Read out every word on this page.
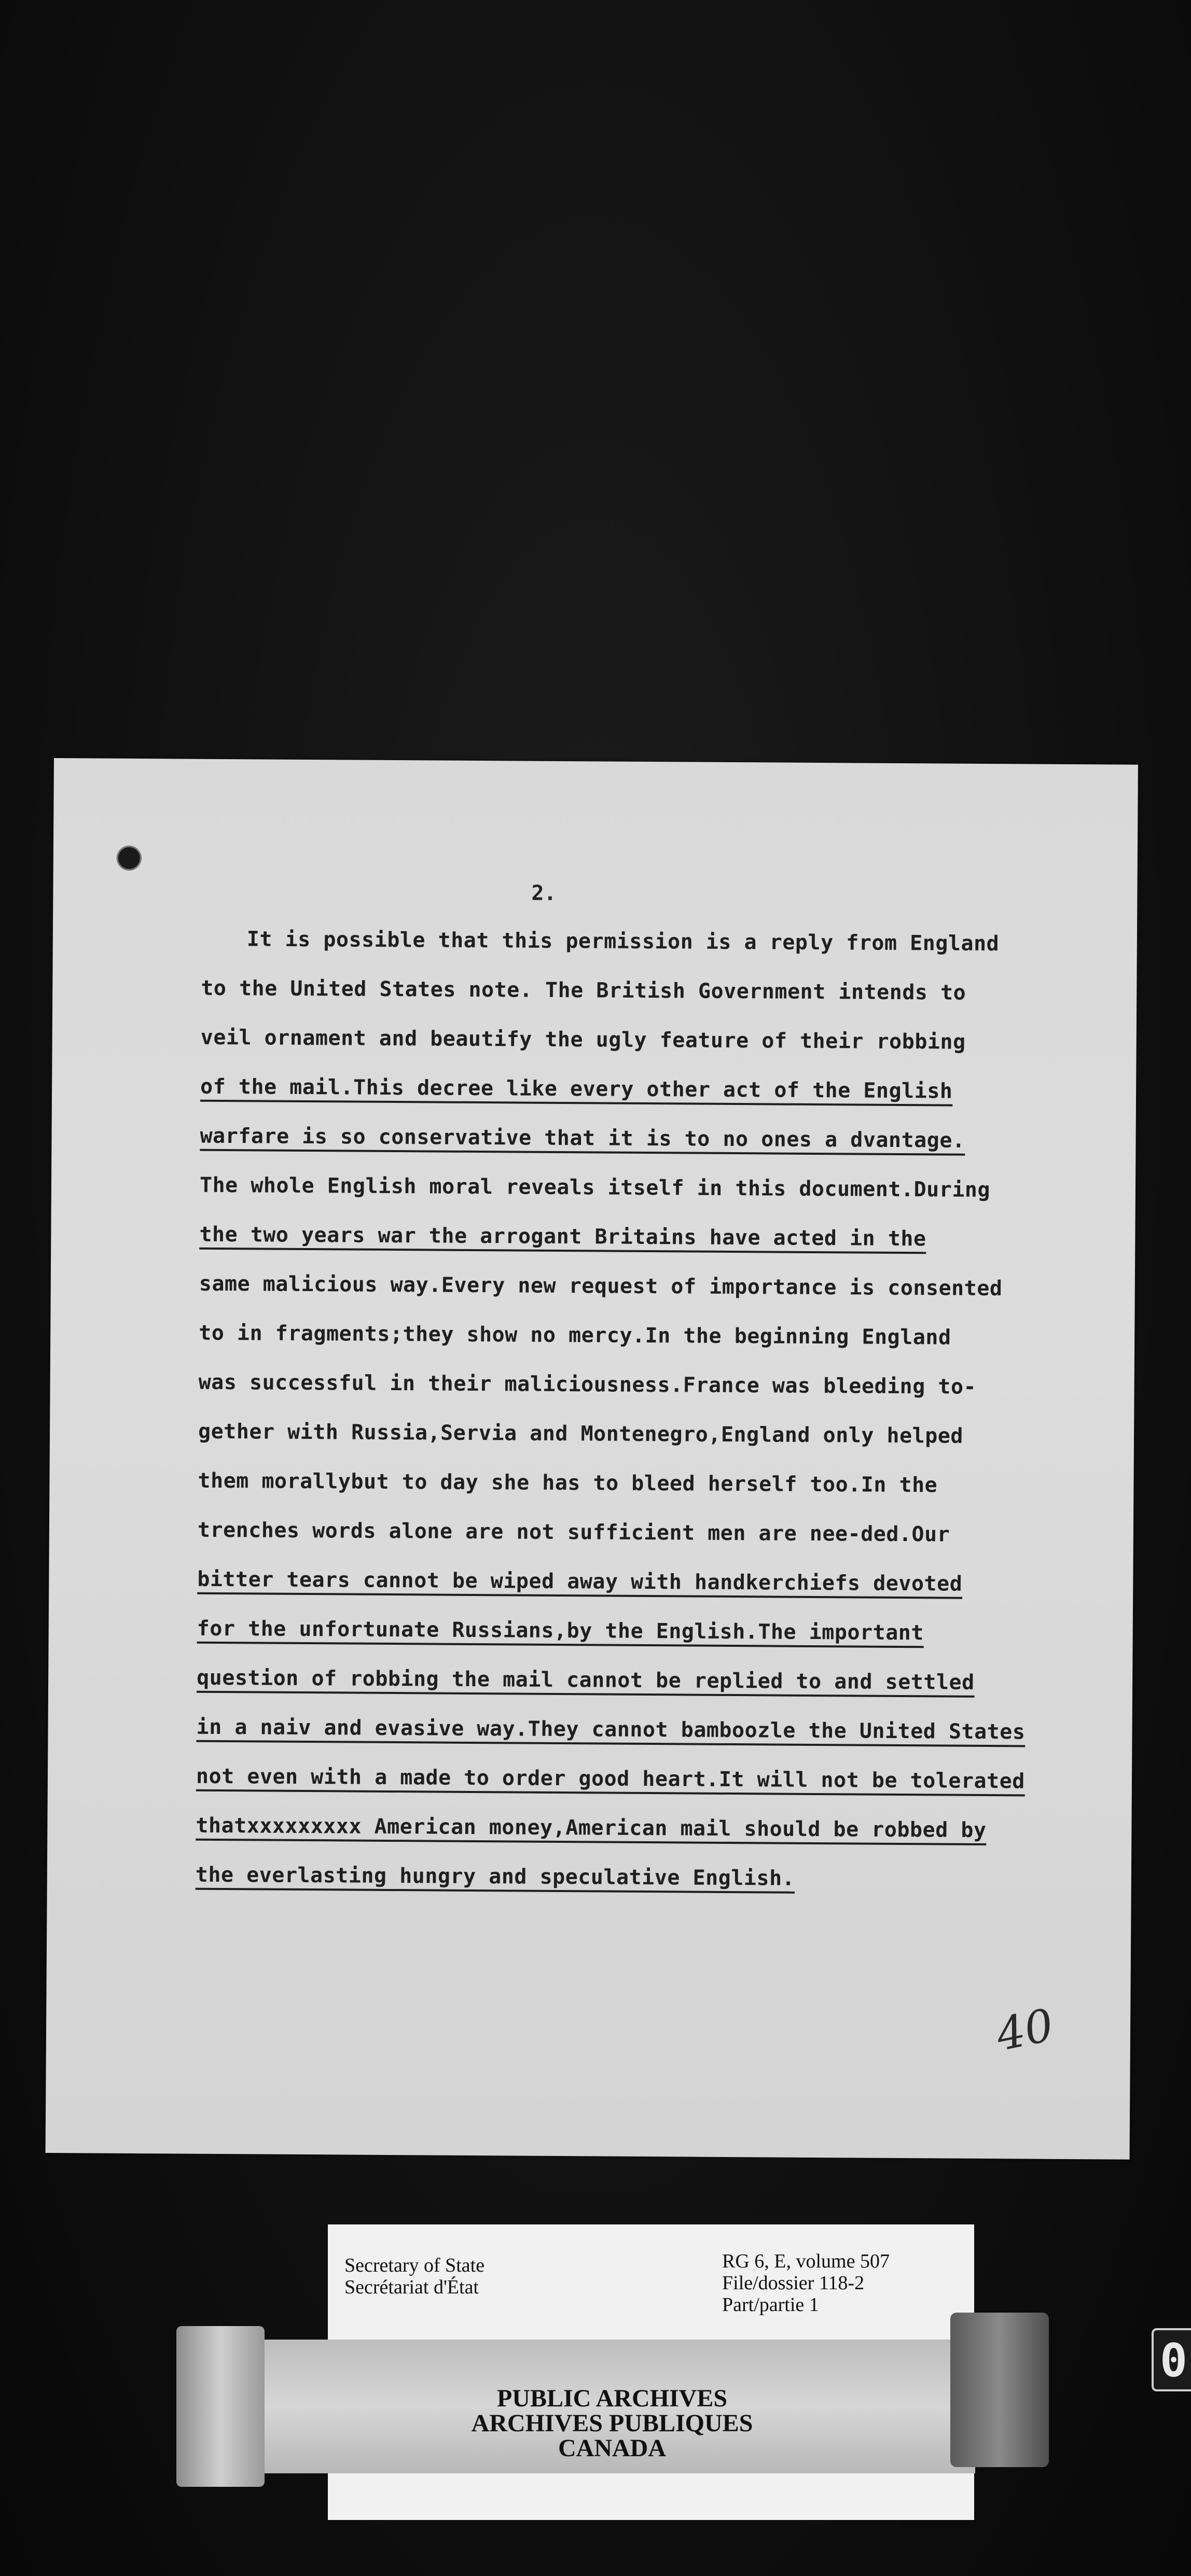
2.
It is possible that this permission is a reply from England
to the United States note. The British Government intends to
veil ornament and beautify the ugly feature of their robbing
of the mail.This decree like every other act of the English
warfare is so conservative that it is to no ones a dvantage.
The whole English moral reveals itself in this document.During
the two years war the arrogant Britains have acted in the
same malicious way.Every new request of importance is consented
to in fragments;they show no mercy.In the beginning England
was successful in their maliciousness.France was bleeding to-
gether with Russia,Servia and Montenegro,England only helped
them morallybut to day she has to bleed herself too.In the
trenches words alone are not sufficient men are nee-ded.Our
bitter tears cannot be wiped away with handkerchiefs devoted
for the unfortunate Russians,by the English.The important
question of robbing the mail cannot be replied to and settled
in a naiv and evasive way.They cannot bamboozle the United States
not even with a made to order good heart.It will not be tolerated
thatxxxxxxxxx American money,American mail should be robbed by
the everlasting hungry and speculative English.
40
Secretary of State
Secrétariat d'État
RG 6, E, volume 507
File/dossier 118-2
Part/partie 1
PUBLIC ARCHIVES
ARCHIVES PUBLIQUES
CANADA
0
